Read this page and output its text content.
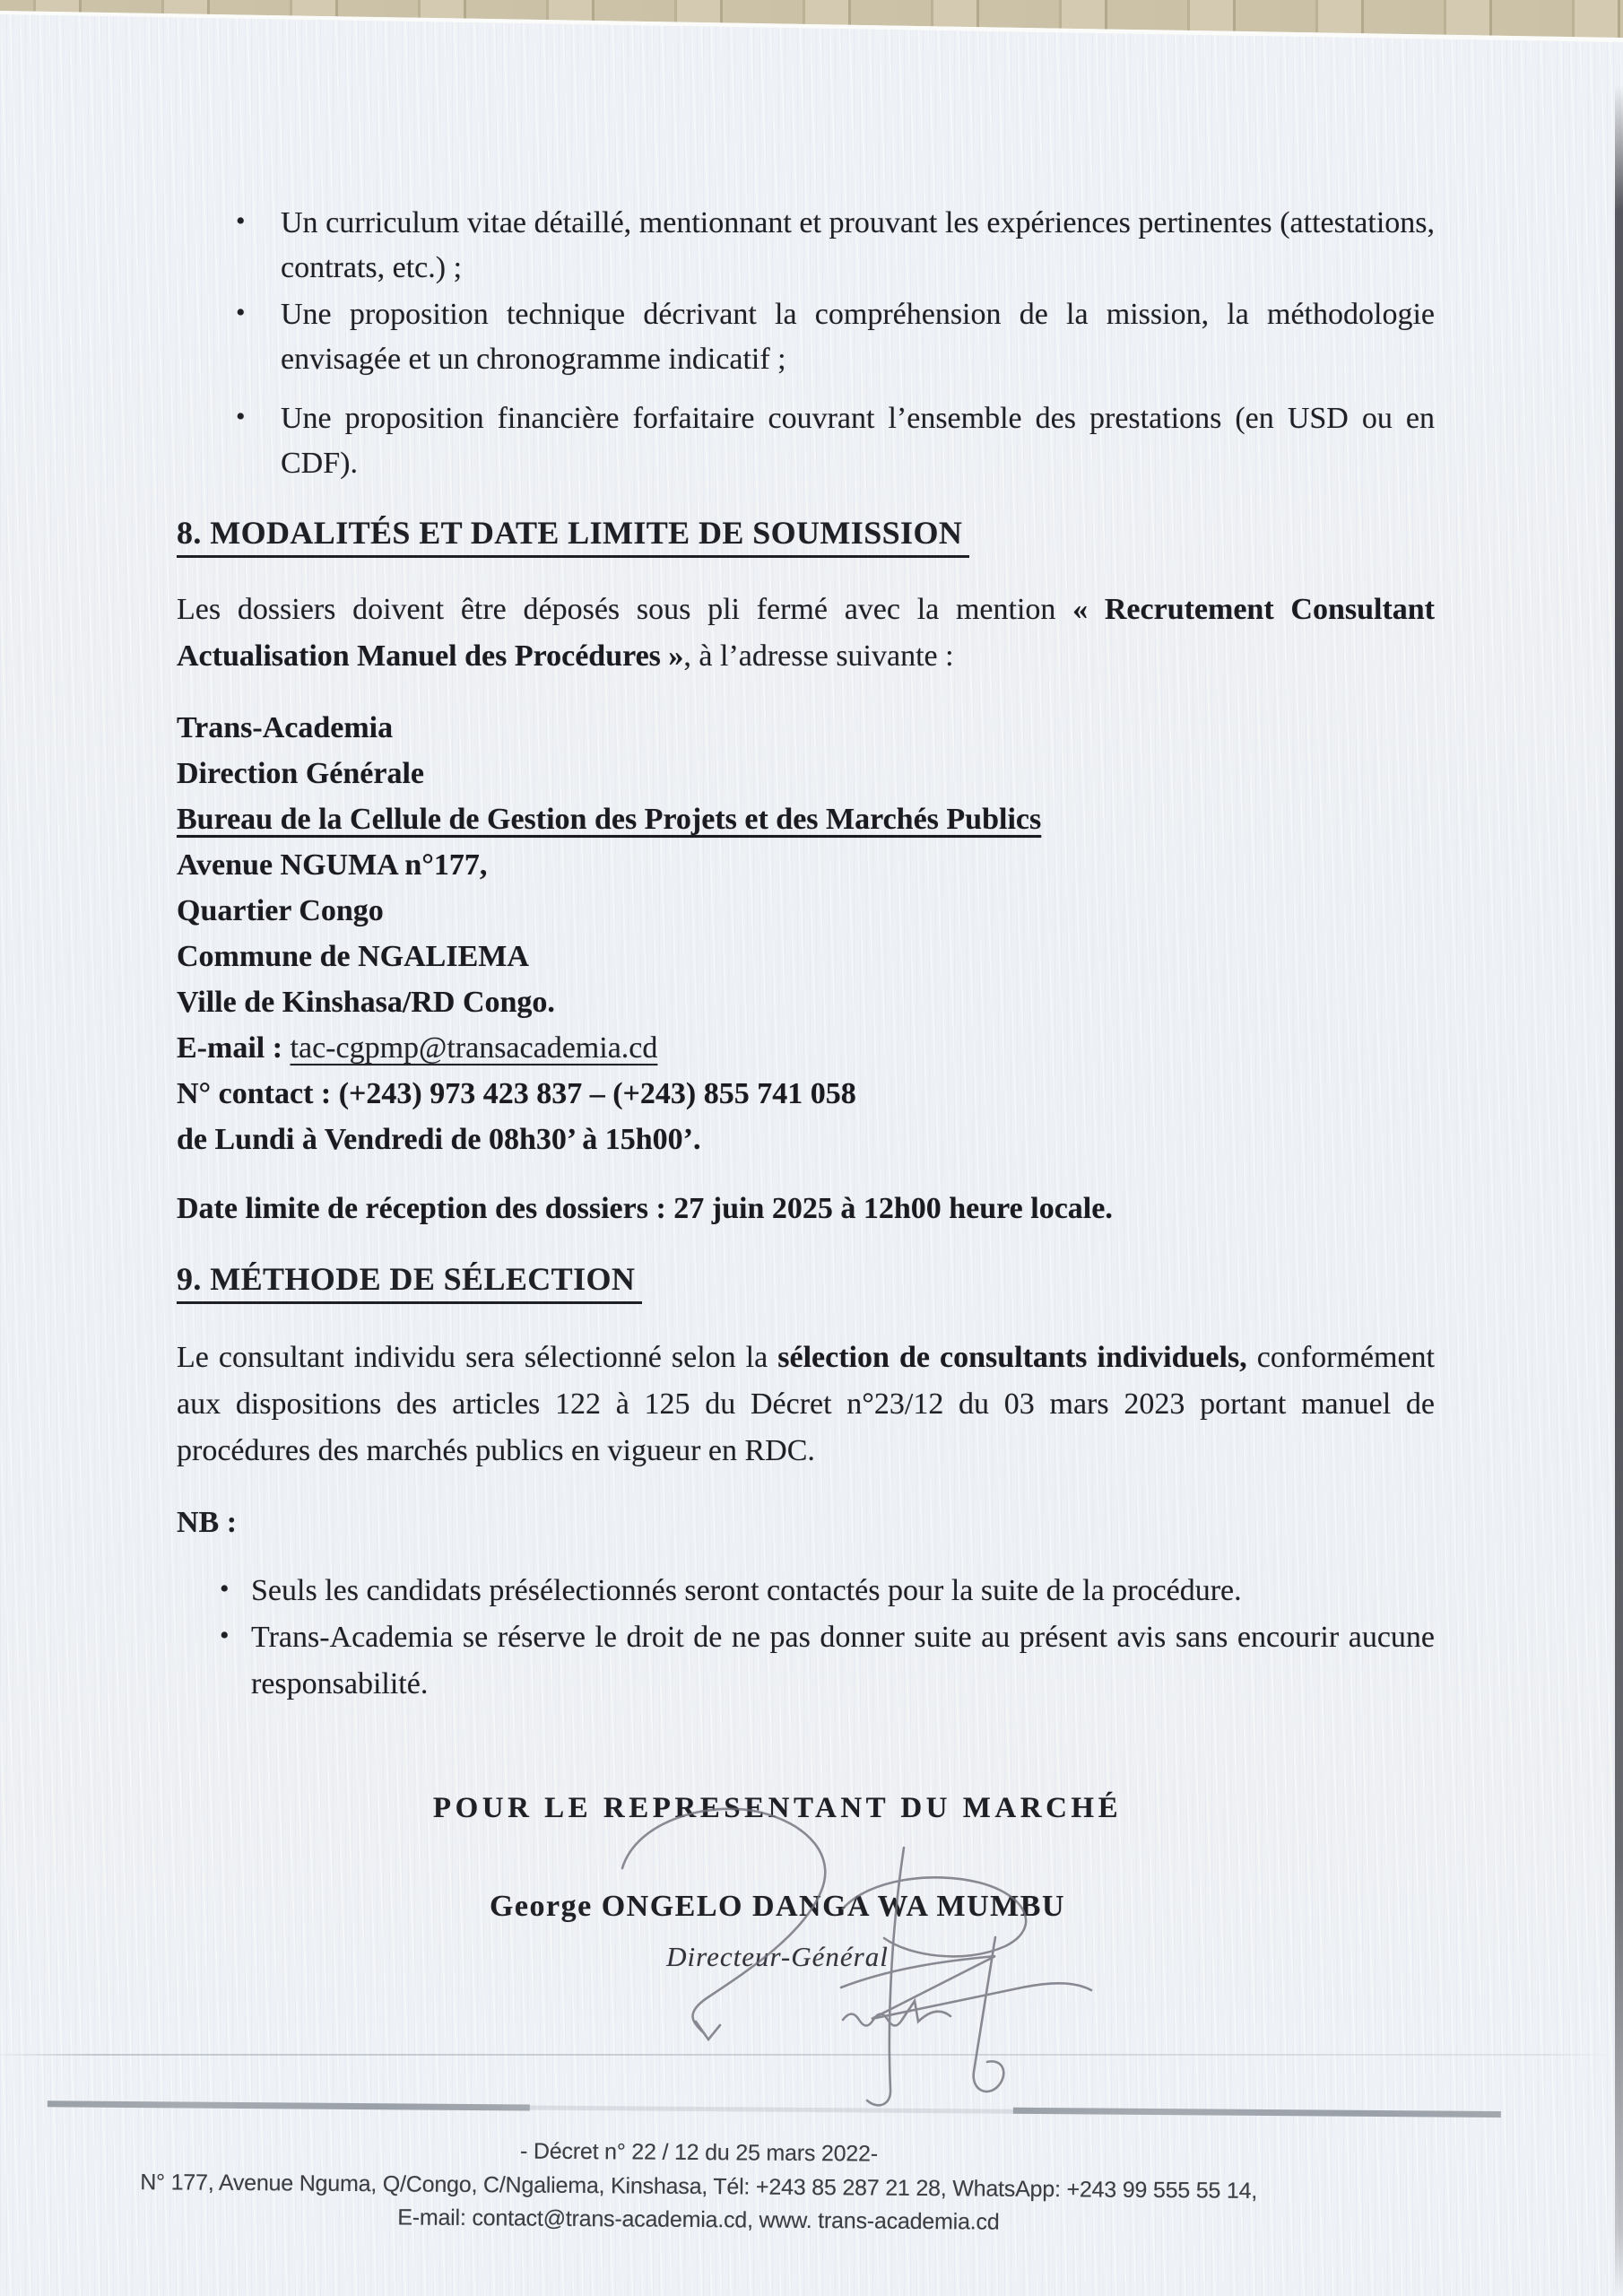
• Un curriculum vitae détaillé, mentionnant et prouvant les expériences pertinentes (attestations, contrats, etc.) ;
• Une proposition technique décrivant la compréhension de la mission, la méthodologie envisagée et un chronogramme indicatif ;
• Une proposition financière forfaitaire couvrant l’ensemble des prestations (en USD ou en CDF).
8. MODALITÉS ET DATE LIMITE DE SOUMISSION

Les dossiers doivent être déposés sous pli fermé avec la mention « Recrutement Consultant Actualisation Manuel des Procédures », à l’adresse suivante :

Trans-Academia
Direction Générale
Bureau de la Cellule de Gestion des Projets et des Marchés Publics
Avenue NGUMA n°177,
Quartier Congo
Commune de NGALIEMA
Ville de Kinshasa/RD Congo.
E-mail : tac-cgpmp@transacademia.cd
N° contact : (+243) 973 423 837 – (+243) 855 741 058
de Lundi à Vendredi de 08h30’ à 15h00’.
Date limite de réception des dossiers : 27 juin 2025 à 12h00 heure locale.
9. MÉTHODE DE SÉLECTION

Le consultant individu sera sélectionné selon la sélection de consultants individuels, conformément aux dispositions des articles 122 à 125 du Décret n°23/12 du 03 mars 2023 portant manuel de procédures des marchés publics en vigueur en RDC.

NB :
• Seuls les candidats présélectionnés seront contactés pour la suite de la procédure.
• Trans-Academia se réserve le droit de ne pas donner suite au présent avis sans encourir aucune responsabilité.
POUR LE REPRESENTANT DU MARCHÉ
George ONGELO DANGA WA MUMBU
Directeur-Général
- Décret n° 22 / 12 du 25 mars 2022-
N° 177, Avenue Nguma, Q/Congo, C/Ngaliema, Kinshasa, Tél: +243 85 287 21 28, WhatsApp: +243 99 555 55 14,
E-mail: contact@trans-academia.cd, www. trans-academia.cd
